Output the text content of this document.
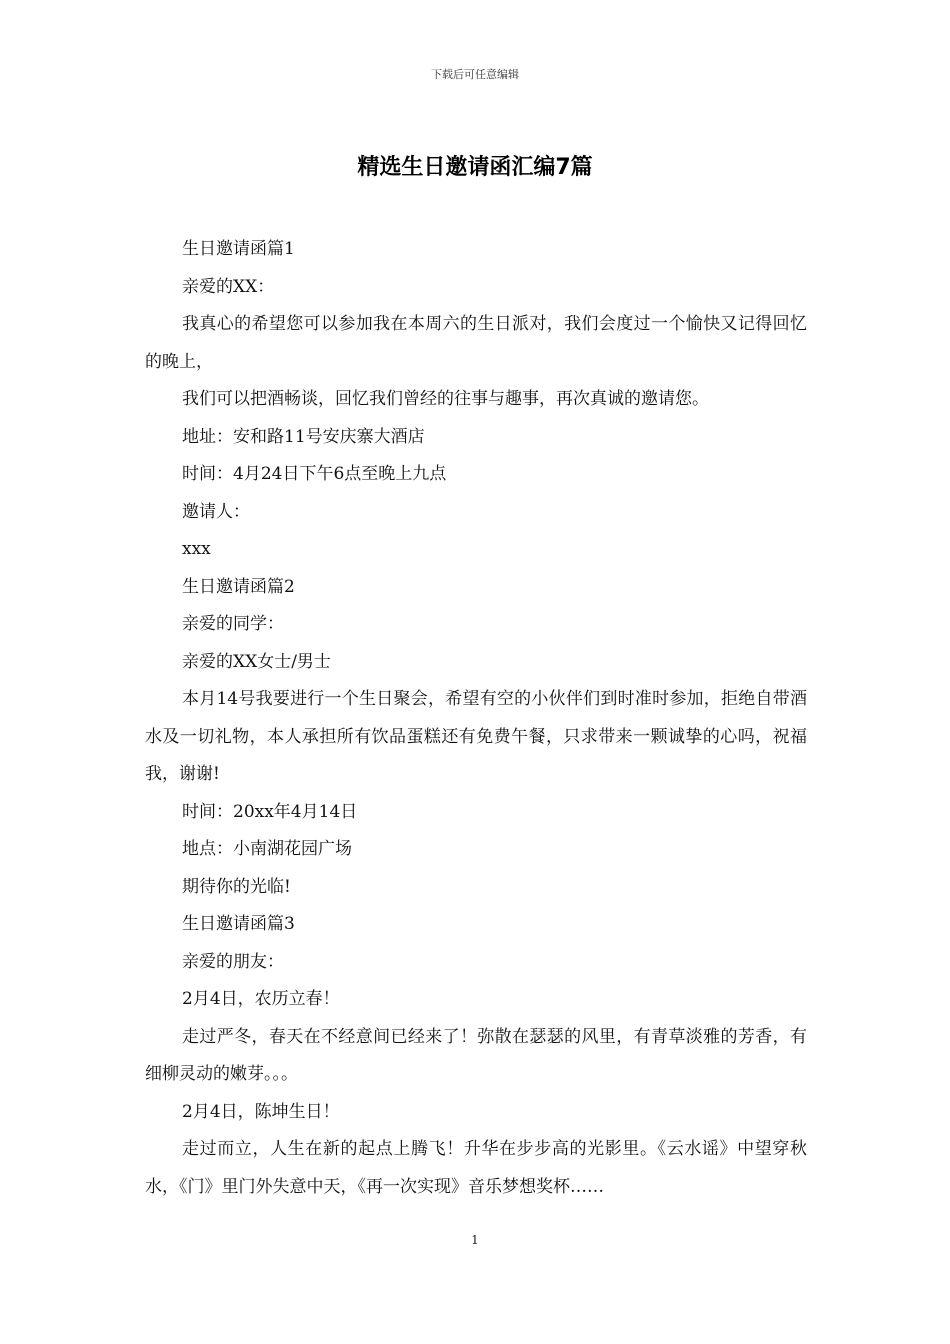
下载后可任意编辑
精选生日邀请函汇编7篇

生日邀请函篇1

亲爱的XX：

我真心的希望您可以参加我在本周六的生日派对，我们会度过一个愉快又记得回忆的晚上，

我们可以把酒畅谈，回忆我们曾经的往事与趣事，再次真诚的邀请您。

地址：安和路11号安庆寨大酒店

时间：4月24日下午6点至晚上九点

邀请人：

xxx

生日邀请函篇2

亲爱的同学：

亲爱的XX女士/男士

本月14号我要进行一个生日聚会，希望有空的小伙伴们到时准时参加，拒绝自带酒水及一切礼物，本人承担所有饮品蛋糕还有免费午餐，只求带来一颗诚挚的心吗，祝福我，谢谢!

时间：20xx年4月14日

地点：小南湖花园广场

期待你的光临!

生日邀请函篇3

亲爱的朋友：

2月4日，农历立春！

走过严冬，春天在不经意间已经来了！弥散在瑟瑟的风里，有青草淡雅的芳香，有细柳灵动的嫩芽。。。

2月4日，陈坤生日！

走过而立，人生在新的起点上腾飞！升华在步步高的光影里。《云水谣》中望穿秋水，《门》里门外失意中天，《再一次实现》音乐梦想奖杯……

1
